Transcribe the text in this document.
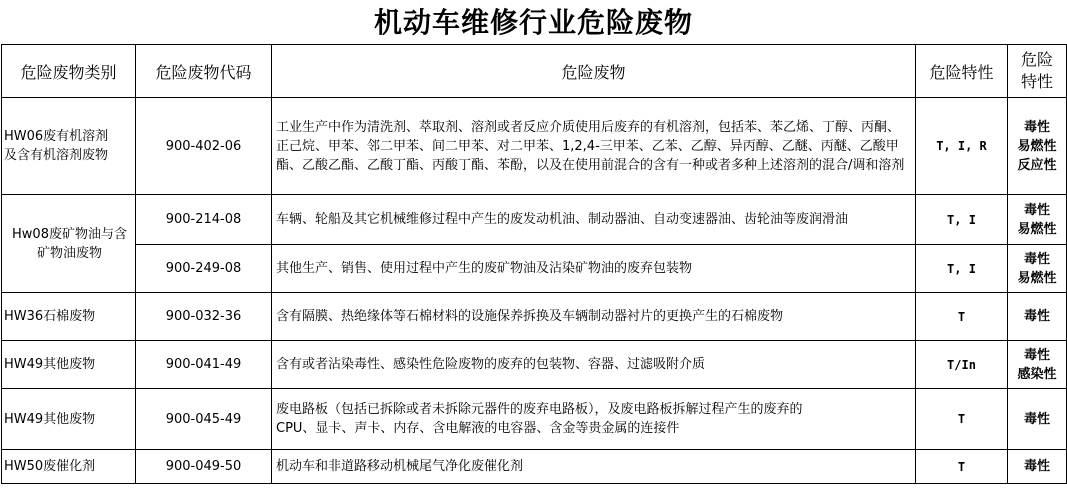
机动车维修行业危险废物
危险废物类别	危险废物代码	危险废物	危险特性	危险
特性
HW06废有机溶剂
及含有机溶剂废物	900-402-06	工业生产中作为清洗剂、萃取剂、溶剂或者反应介质使用后废弃的有机溶剂，包括苯、苯乙烯、丁醇、丙酮、正己烷、甲苯、邻二甲苯、间二甲苯、对二甲苯、1,2,4-三甲苯、乙苯、乙醇、异丙醇、乙醚、丙醚、乙酸甲酯、乙酸乙酯、乙酸丁酯、丙酸丁酯、苯酚，以及在使用前混合的含有一种或者多种上述溶剂的混合/调和溶剂	T, I, R	毒性
易燃性
反应性
Hw08废矿物油与含
矿物油废物	900-214-08	车辆、轮船及其它机械维修过程中产生的废发动机油、制动器油、自动变速器油、齿轮油等废润滑油	T, I	毒性
易燃性
	900-249-08	其他生产、销售、使用过程中产生的废矿物油及沾染矿物油的废弃包装物	T, I	毒性
易燃性
HW36石棉废物	900-032-36	含有隔膜、热绝缘体等石棉材料的设施保养拆换及车辆制动器衬片的更换产生的石棉废物	T	毒性
HW49其他废物	900-041-49	含有或者沾染毒性、感染性危险废物的废弃的包装物、容器、过滤吸附介质	T/In	毒性
感染性
HW49其他废物	900-045-49	废电路板（包括已拆除或者未拆除元器件的废弃电路板），及废电路板拆解过程产生的废弃的
CPU、显卡、声卡、内存、含电解液的电容器、含金等贵金属的连接件	T	毒性
HW50废催化剂	900-049-50	机动车和非道路移动机械尾气净化废催化剂	T	毒性
